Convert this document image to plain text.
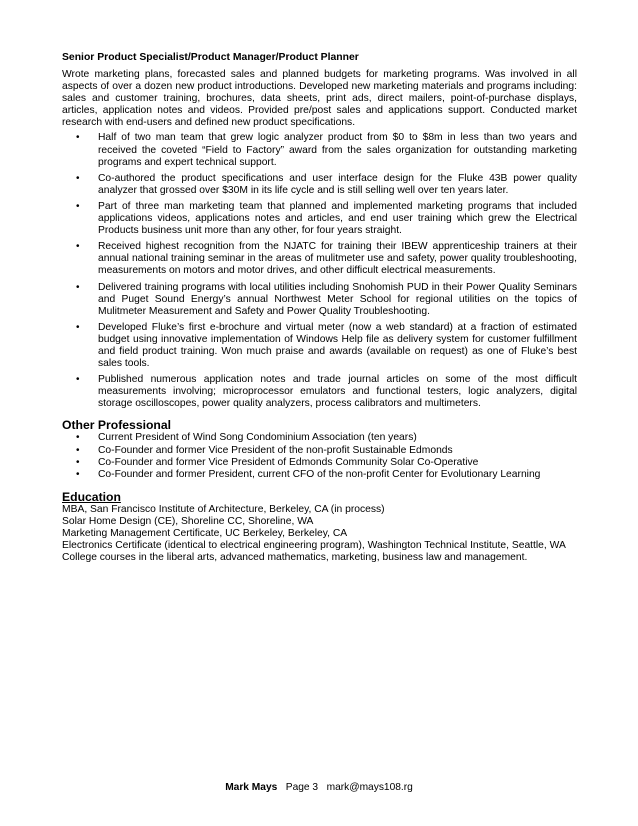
Senior Product Specialist/Product Manager/Product Planner

Wrote marketing plans, forecasted sales and planned budgets for marketing programs. Was involved in all aspects of over a dozen new product introductions. Developed new marketing materials and programs including: sales and customer training, brochures, data sheets, print ads, direct mailers, point-of-purchase displays, articles, application notes and videos. Provided pre/post sales and applications support. Conducted market research with end-users and defined new product specifications.

• Half of two man team that grew logic analyzer product from $0 to $8m in less than two years and received the coveted “Field to Factory” award from the sales organization for outstanding marketing programs and expert technical support.
• Co-authored the product specifications and user interface design for the Fluke 43B power quality analyzer that grossed over $30M in its life cycle and is still selling well over ten years later.
• Part of three man marketing team that planned and implemented marketing programs that included applications videos, applications notes and articles, and end user training which grew the Electrical Products business unit more than any other, for four years straight.
• Received highest recognition from the NJATC for training their IBEW apprenticeship trainers at their annual national training seminar in the areas of mulitmeter use and safety, power quality troubleshooting, measurements on motors and motor drives, and other difficult electrical measurements.
• Delivered training programs with local utilities including Snohomish PUD in their Power Quality Seminars and Puget Sound Energy’s annual Northwest Meter School for regional utilities on the topics of Mulitmeter Measurement and Safety and Power Quality Troubleshooting.
• Developed Fluke’s first e-brochure and virtual meter (now a web standard) at a fraction of estimated budget using innovative implementation of Windows Help file as delivery system for customer fulfillment and field product training. Won much praise and awards (available on request) as one of Fluke’s best sales tools.
• Published numerous application notes and trade journal articles on some of the most difficult measurements involving; microprocessor emulators and functional testers, logic analyzers, digital storage oscilloscopes, power quality analyzers, process calibrators and multimeters.
Other Professional
• Current President of Wind Song Condominium Association (ten years)
• Co-Founder and former Vice President of the non-profit Sustainable Edmonds
• Co-Founder and former Vice President of Edmonds Community Solar Co-Operative
• Co-Founder and former President, current CFO of the non-profit Center for Evolutionary Learning
Education
MBA, San Francisco Institute of Architecture, Berkeley, CA (in process)
Solar Home Design (CE), Shoreline CC, Shoreline, WA
Marketing Management Certificate, UC Berkeley, Berkeley, CA
Electronics Certificate (identical to electrical engineering program), Washington Technical Institute, Seattle, WA
College courses in the liberal arts, advanced mathematics, marketing, business law and management.
Mark Mays Page 3 mark@mays108.rg
